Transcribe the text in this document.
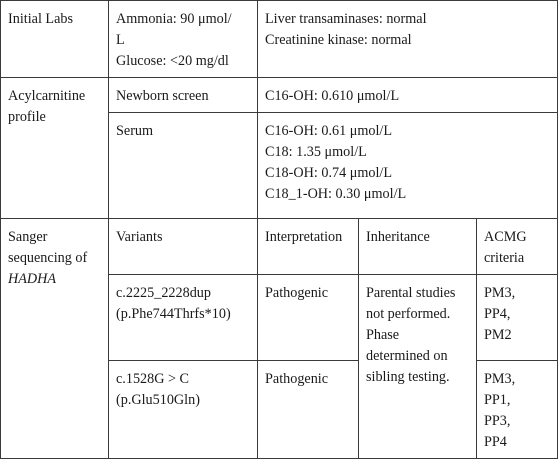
Initial Labs	Ammonia: 90 μmol/
L
Glucose: <20 mg/dl	Liver transaminases: normal
Creatinine kinase: normal		

Acylcarnitine
profile	Newborn screen	C16-OH: 0.610 μmol/L		

	Serum	C16-OH: 0.61 μmol/L
C18: 1.35 μmol/L
C18-OH: 0.74 μmol/L
C18_1-OH: 0.30 μmol/L		

Sanger
sequencing of
HADHA	Variants	Interpretation	Inheritance	ACMG
criteria

	c.2225_2228dup
(p.Phe744Thrfs*10)	Pathogenic	Parental studies
not performed.
Phase
determined on
sibling testing.	PM3,
PP4,
PM2

	c.1528G > C
(p.Glu510Gln)	Pathogenic		PM3,
PP1,
PP3,
PP4
